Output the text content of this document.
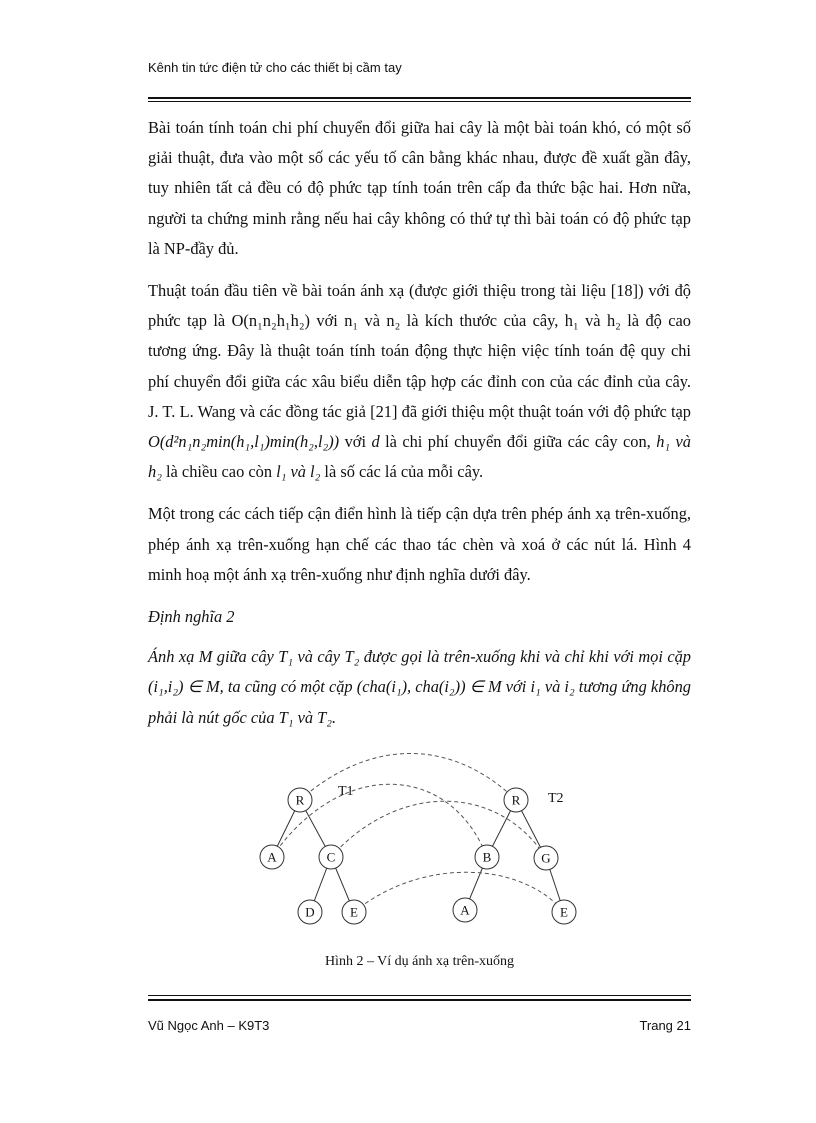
Kênh tin tức điện tử cho các thiết bị cầm tay

Bài toán tính toán chi phí chuyển đổi giữa hai cây là một bài toán khó, có một số giải thuật, đưa vào một số các yếu tố cân bằng khác nhau, được đề xuất gần đây, tuy nhiên tất cả đều có độ phức tạp tính toán trên cấp đa thức bậc hai. Hơn nữa, người ta chứng minh rằng nếu hai cây không có thứ tự thì bài toán có độ phức tạp là NP-đầy đủ.

Thuật toán đầu tiên về bài toán ánh xạ (được giới thiệu trong tài liệu [18]) với độ phức tạp là O(n₁n₂h₁h₂) với n₁ và n₂ là kích thước của cây, h₁ và h₂ là độ cao tương ứng. Đây là thuật toán tính toán động thực hiện việc tính toán đệ quy chi phí chuyển đổi giữa các xâu biểu diễn tập hợp các đỉnh con của các đỉnh của cây. J. T. L. Wang và các đồng tác giả [21] đã giới thiệu một thuật toán với độ phức tạp O(d²n₁n₂min(h₁,l₁)min(h₂,l₂)) với d là chi phí chuyển đổi giữa các cây con, h₁ và h₂ là chiều cao còn l₁ và l₂ là số các lá của mỗi cây.

Một trong các cách tiếp cận điển hình là tiếp cận dựa trên phép ánh xạ trên-xuống, phép ánh xạ trên-xuống hạn chế các thao tác chèn và xoá ở các nút lá. Hình 4 minh hoạ một ánh xạ trên-xuống như định nghĩa dưới đây.

Định nghĩa 2

Ánh xạ M giữa cây T₁ và cây T₂ được gọi là trên-xuống khi và chỉ khi với mọi cặp (i₁,i₂) ∈ M, ta cũng có một cặp (cha(i₁), cha(i₂)) ∈ M với i₁ và i₂ tương ứng không phải là nút gốc của T₁ và T₂.

R
A	C
D	E
R
B	G
A	E
T1	T2
Hình 2 – Ví dụ ánh xạ trên-xuống
Vũ Ngọc Anh – K9T3	Trang 21
